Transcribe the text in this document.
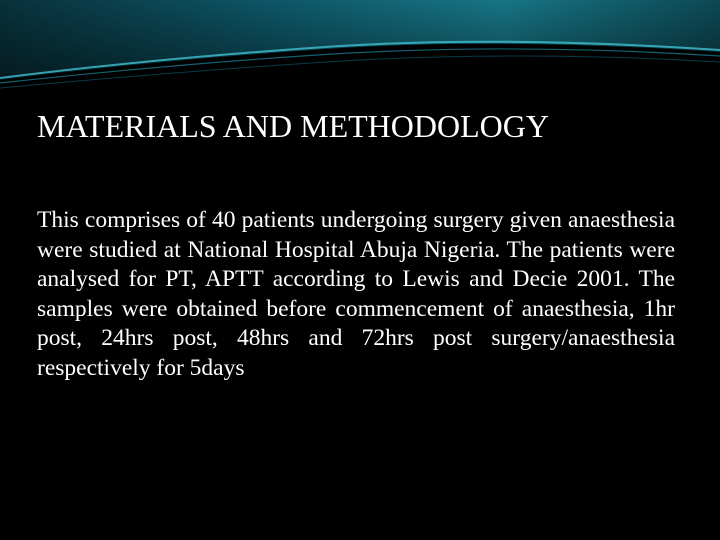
MATERIALS AND METHODOLOGY

This comprises of 40 patients undergoing surgery given anaesthesia were studied at National Hospital Abuja Nigeria. The patients were analysed for PT, APTT according to Lewis and Decie 2001. The samples were obtained before commencement of anaesthesia, 1hr post, 24hrs post, 48hrs and 72hrs post surgery/anaesthesia respectively for 5days
